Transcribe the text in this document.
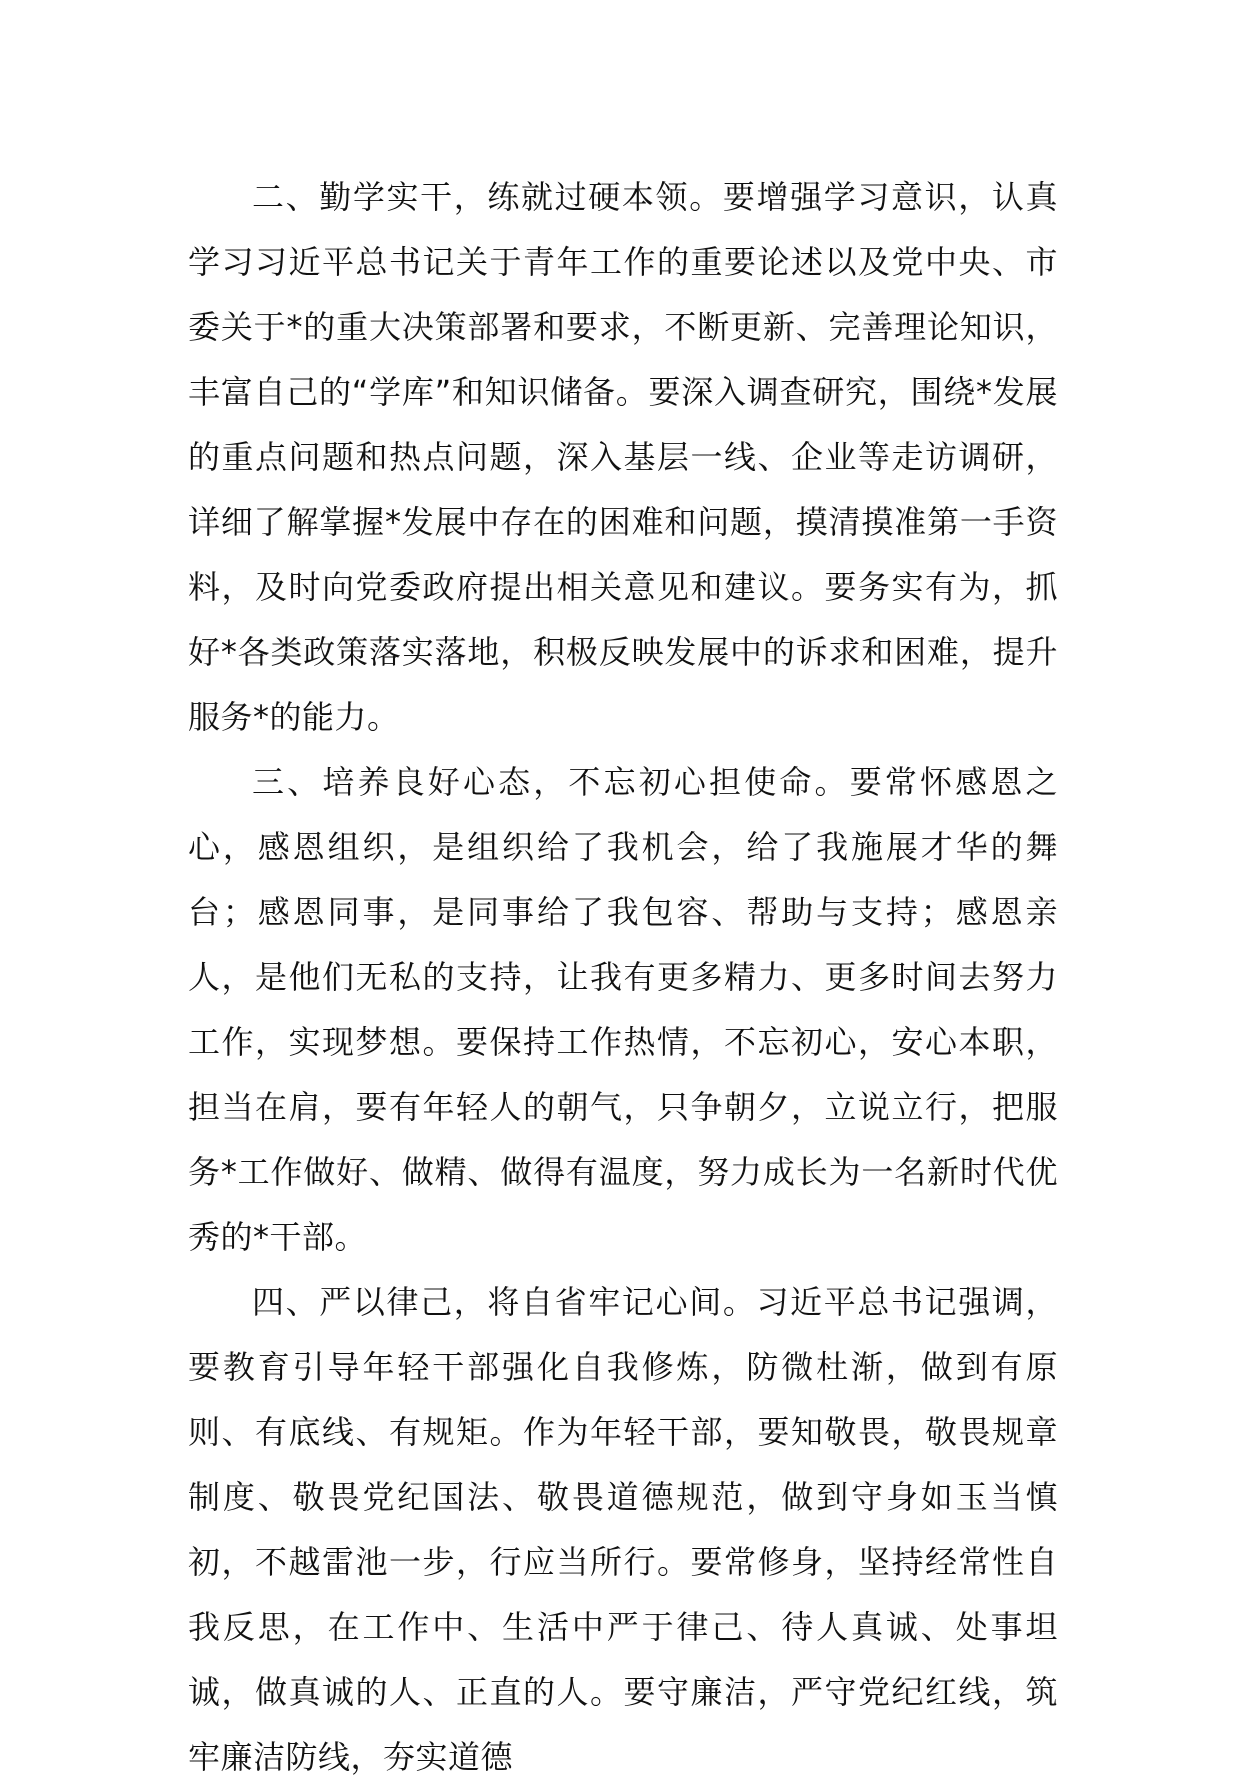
二、勤学实干，练就过硬本领。要增强学习意识，认真学习习近平总书记关于青年工作的重要论述以及党中央、市委关于*的重大决策部署和要求，不断更新、完善理论知识，丰富自己的“学库”和知识储备。要深入调查研究，围绕*发展的重点问题和热点问题，深入基层一线、企业等走访调研，详细了解掌握*发展中存在的困难和问题，摸清摸准第一手资料，及时向党委政府提出相关意见和建议。要务实有为，抓好*各类政策落实落地，积极反映发展中的诉求和困难，提升服务*的能力。

三、培养良好心态，不忘初心担使命。要常怀感恩之心，感恩组织，是组织给了我机会，给了我施展才华的舞台；感恩同事，是同事给了我包容、帮助与支持；感恩亲人，是他们无私的支持，让我有更多精力、更多时间去努力工作，实现梦想。要保持工作热情，不忘初心，安心本职，担当在肩，要有年轻人的朝气，只争朝夕，立说立行，把服务*工作做好、做精、做得有温度，努力成长为一名新时代优秀的*干部。

四、严以律己，将自省牢记心间。习近平总书记强调，要教育引导年轻干部强化自我修炼，防微杜渐，做到有原则、有底线、有规矩。作为年轻干部，要知敬畏，敬畏规章制度、敬畏党纪国法、敬畏道德规范，做到守身如玉当慎初，不越雷池一步，行应当所行。要常修身，坚持经常性自我反思，在工作中、生活中严于律己、待人真诚、处事坦诚，做真诚的人、正直的人。要守廉洁，严守党纪红线，筑牢廉洁防线，夯实道德
